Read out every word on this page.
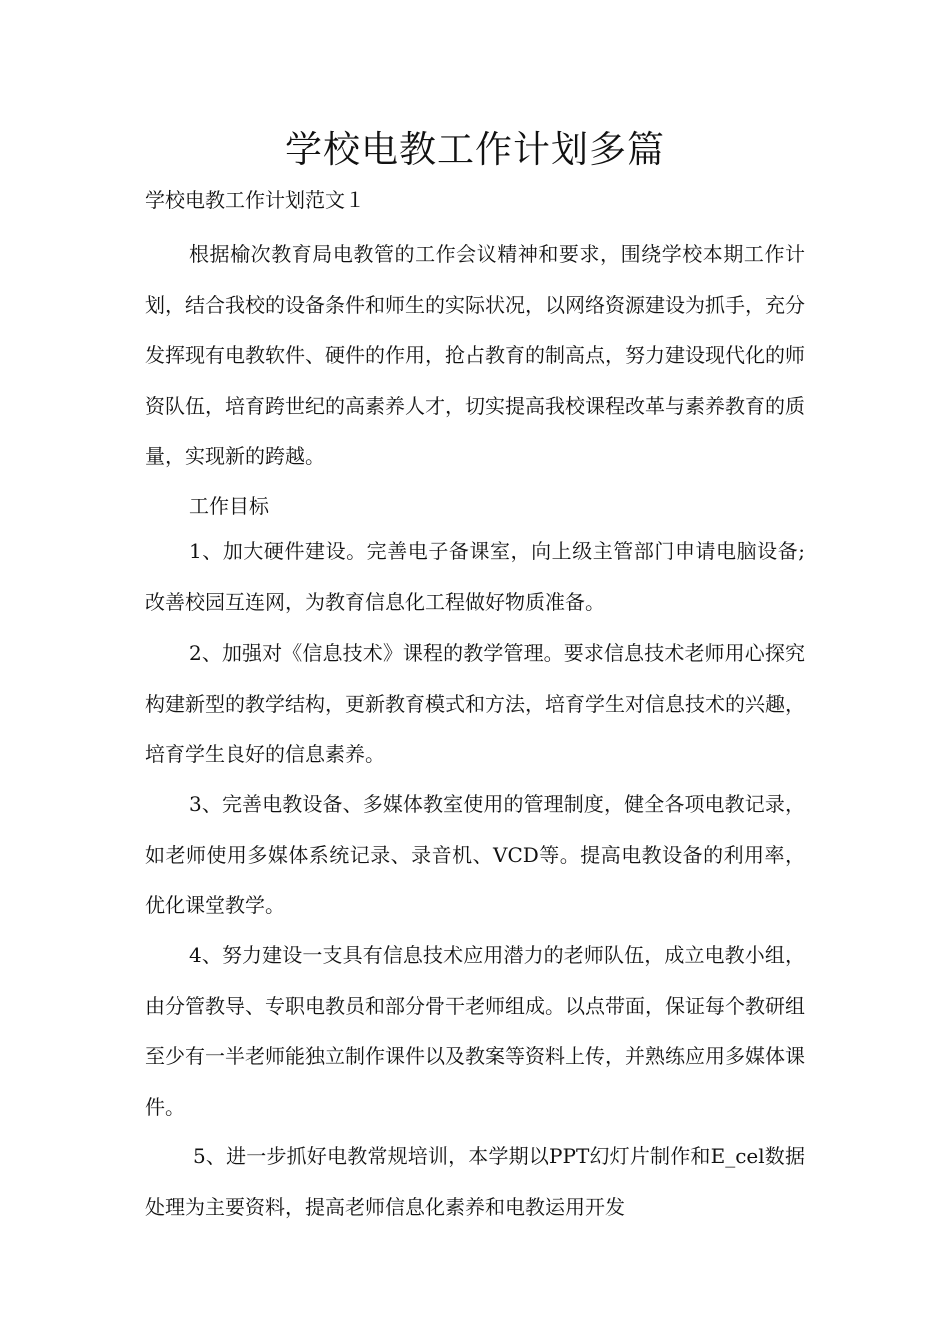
学校电教工作计划多篇

学校电教工作计划范文１

根据榆次教育局电教管的工作会议精神和要求，围绕学校本期工作计划，结合我校的设备条件和师生的实际状况，以网络资源建设为抓手，充分发挥现有电教软件、硬件的作用，抢占教育的制高点，努力建设现代化的师资队伍，培育跨世纪的高素养人才，切实提高我校课程改革与素养教育的质量，实现新的跨越。

工作目标

1、加大硬件建设。完善电子备课室，向上级主管部门申请电脑设备;改善校园互连网，为教育信息化工程做好物质准备。

2、加强对《信息技术》课程的教学管理。要求信息技术老师用心探究构建新型的教学结构，更新教育模式和方法，培育学生对信息技术的兴趣，培育学生良好的信息素养。

3、完善电教设备、多媒体教室使用的管理制度，健全各项电教记录，如老师使用多媒体系统记录、录音机、VCD等。提高电教设备的利用率，优化课堂教学。

4、努力建设一支具有信息技术应用潜力的老师队伍，成立电教小组，由分管教导、专职电教员和部分骨干老师组成。以点带面，保证每个教研组至少有一半老师能独立制作课件以及教案等资料上传，并熟练应用多媒体课件。

5、进一步抓好电教常规培训，本学期以PPT幻灯片制作和E_cel数据处理为主要资料，提高老师信息化素养和电教运用开发
